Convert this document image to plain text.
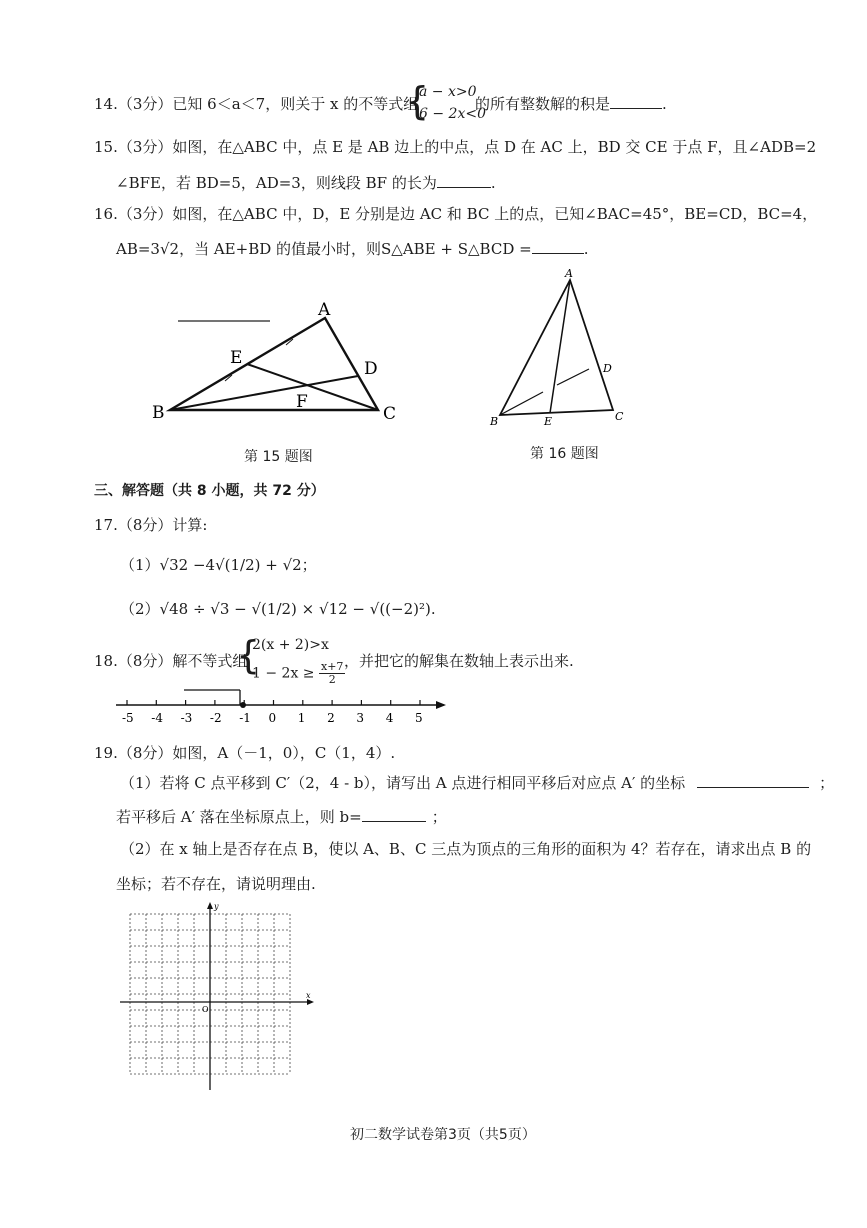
14.（3分）已知 6＜a＜7，则关于 x 的不等式组
{
a − x>0
6 − 2x<0
的所有整数解的积是	.
15.（3分）如图，在△ABC 中，点 E 是 AB 边上的中点，点 D 在 AC 上，BD 交 CE 于点 F，且∠ADB=2
∠BFE，若 BD=5，AD=3，则线段 BF 的长为	.
16.（3分）如图，在△ABC 中，D，E 分别是边 AC 和 BC 上的点，已知∠BAC=45°，BE=CD，BC=4，
AB=3√2，当 AE+BD 的值最小时，则S△ABE + S△BCD =	.
A
B	C
D
E
F
第 15 题图
A
B	C
D
E
第 16 题图
三、解答题（共 8 小题，共 72 分）
17.（8分）计算:
（1）√32 −4√(1/2) + √2；
（2）√48 ÷ √3 − √(1/2) × √12 − √((−2)²).
18.（8分）解不等式组
{
2(x + 2)>x
$1 - 2x \ge \frac{x+7}{2}$
，并把它的解集在数轴上表示出来.
-5 -4 -3 -2 -1 0 1 2 3 4 5
19.（8分）如图，A（－1，0），C（1，4）.
（1）若将 C 点平移到 C′（2，4 - b），请写出 A 点进行相同平移后对应点 A′ 的坐标	；
若平移后 A′ 落在坐标原点上，则 b=	；
（2）在 x 轴上是否存在点 B，使以 A、B、C 三点为顶点的三角形的面积为 4？若存在，请求出点 B 的
坐标；若不存在，请说明理由.
x
y
O
初二数学试卷第3页（共5页）
